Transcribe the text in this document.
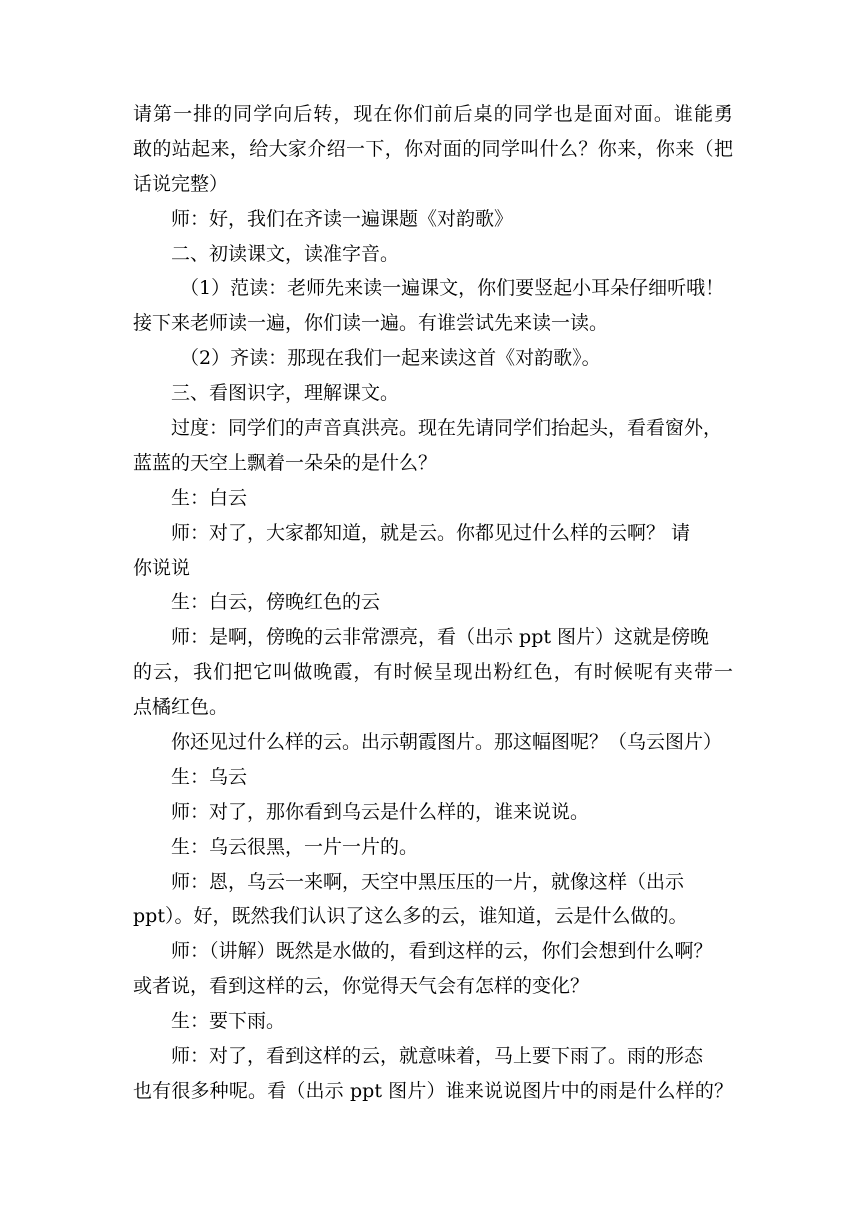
请第一排的同学向后转，现在你们前后桌的同学也是面对面。谁能勇
敢的站起来，给大家介绍一下，你对面的同学叫什么？你来，你来（把
话说完整）
师：好，我们在齐读一遍课题《对韵歌》
二、初读课文，读准字音。
（1）范读：老师先来读一遍课文，你们要竖起小耳朵仔细听哦！
接下来老师读一遍，你们读一遍。有谁尝试先来读一读。
（2）齐读：那现在我们一起来读这首《对韵歌》。
三、看图识字，理解课文。
过度：同学们的声音真洪亮。现在先请同学们抬起头，看看窗外，
蓝蓝的天空上飘着一朵朵的是什么？
生：白云
师：对了，大家都知道，就是云。你都见过什么样的云啊？ 请
你说说
生：白云，傍晚红色的云
师：是啊，傍晚的云非常漂亮，看（出示 ppt 图片）这就是傍晚
的云，我们把它叫做晚霞，有时候呈现出粉红色，有时候呢有夹带一
点橘红色。
你还见过什么样的云。出示朝霞图片。那这幅图呢？（乌云图片）
生：乌云
师：对了，那你看到乌云是什么样的，谁来说说。
生：乌云很黑，一片一片的。
师：恩，乌云一来啊，天空中黑压压的一片，就像这样（出示
ppt）。好，既然我们认识了这么多的云，谁知道，云是什么做的。
师：（讲解）既然是水做的，看到这样的云，你们会想到什么啊？
或者说，看到这样的云，你觉得天气会有怎样的变化？
生：要下雨。
师：对了，看到这样的云，就意味着，马上要下雨了。雨的形态
也有很多种呢。看（出示 ppt 图片）谁来说说图片中的雨是什么样的？
